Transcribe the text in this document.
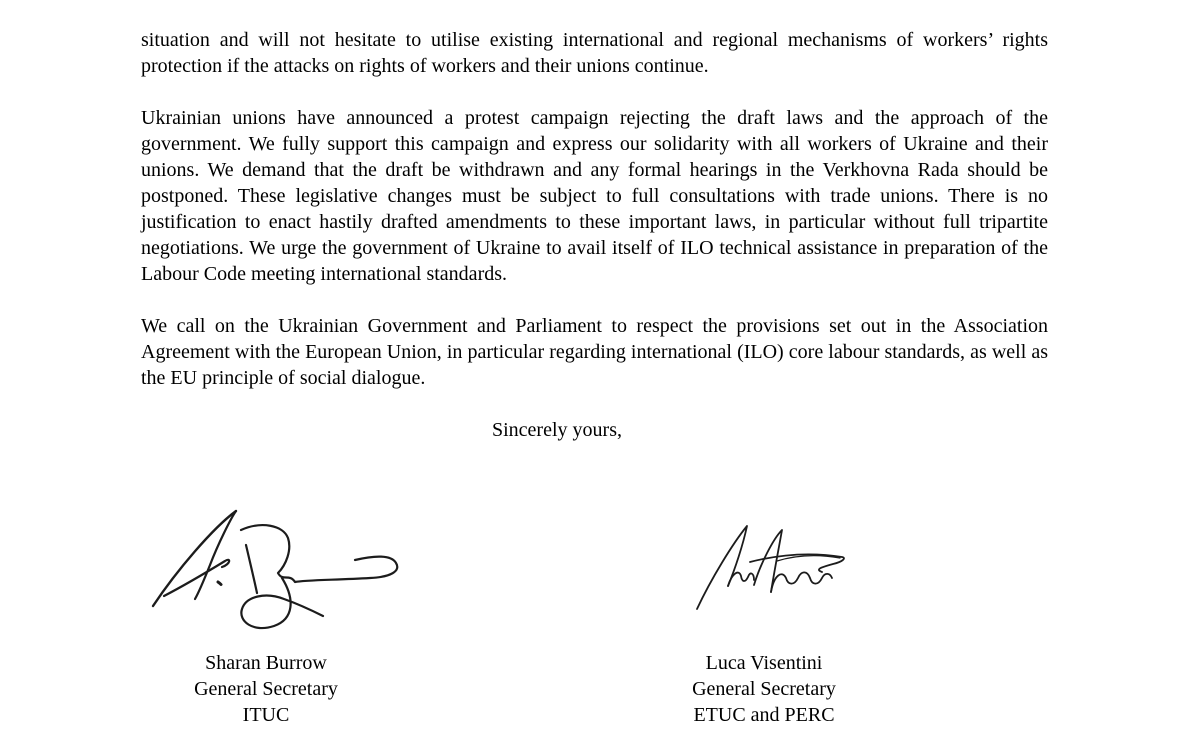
situation and will not hesitate to utilise existing international and regional mechanisms of workers’ rights protection if the attacks on rights of workers and their unions continue.

Ukrainian unions have announced a protest campaign rejecting the draft laws and the approach of the government. We fully support this campaign and express our solidarity with all workers of Ukraine and their unions. We demand that the draft be withdrawn and any formal hearings in the Verkhovna Rada should be postponed. These legislative changes must be subject to full consultations with trade unions. There is no justification to enact hastily drafted amendments to these important laws, in particular without full tripartite negotiations. We urge the government of Ukraine to avail itself of ILO technical assistance in preparation of the Labour Code meeting international standards.

We call on the Ukrainian Government and Parliament to respect the provisions set out in the Association Agreement with the European Union, in particular regarding international (ILO) core labour standards, as well as the EU principle of social dialogue.

Sincerely yours,

Sharan Burrow
General Secretary
ITUC
Luca Visentini
General Secretary
ETUC and PERC
